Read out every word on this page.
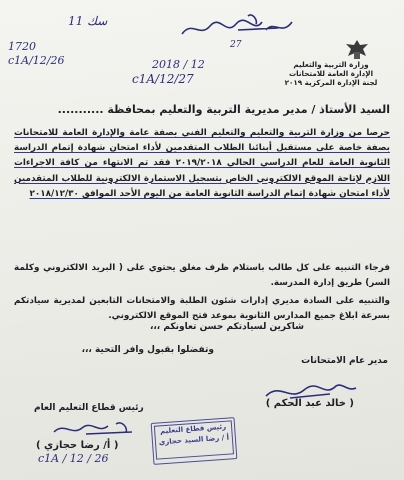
وزارة التربية والتعليم
الإدارة العامة للامتحانات
لجنة الإدارة المركزية ٢٠١٩
11 سك
1720
c1A/12/26
27
2018 / 12
c1A/12/27
السيد الأستاذ / مدير مديرية التربية والتعليم بمحافظة ...........
حرصا من وزارة التربية والتعليم والتعليم الفني بصفة عامة والإدارة العامة للامتحانات بصفة خاصة على مستقبل أبنائنا الطلاب المتقدمين لأداء امتحان شهادة إتمام الدراسة الثانوية العامة للعام الدراسي الحالي ٢٠١٩/٢٠١٨ فقد تم الانتهاء من كافة الاجراءات اللازم لإتاحة الموقع الالكتروني الخاص بتسجيل الاستمارة الالكترونية للطلاب المتقدمين لأداء امتحان شهادة إتمام الدراسة الثانوية العامة من اليوم الأحد الموافق ٢٠١٨/١٢/٣٠
فرجاء التنبيه على كل طالب باستلام ظرف مغلق يحتوي على ( البريد الالكتروني وكلمة السر) طريق إدارة المدرسة.
والتنبيه على السادة مديري إدارات شئون الطلبة والامتحانات التابعين لمديرية سيادتكم بسرعة ابلاغ جميع المدارس الثانوية بموعد فتح الموقع الالكتروني.
شاكرين لسيادتكم حسن تعاونكم ،،،
وتفضلوا بقبول وافر التحية ،،،
مدير عام الامتحانات
( خالد عبد الحكم )
رئيس قطاع التعليم العام
( أ/ رضا حجازي )
رئيس قطاع التعليم
أ / رضا السيد حجازي
c1A / 12 / 26
